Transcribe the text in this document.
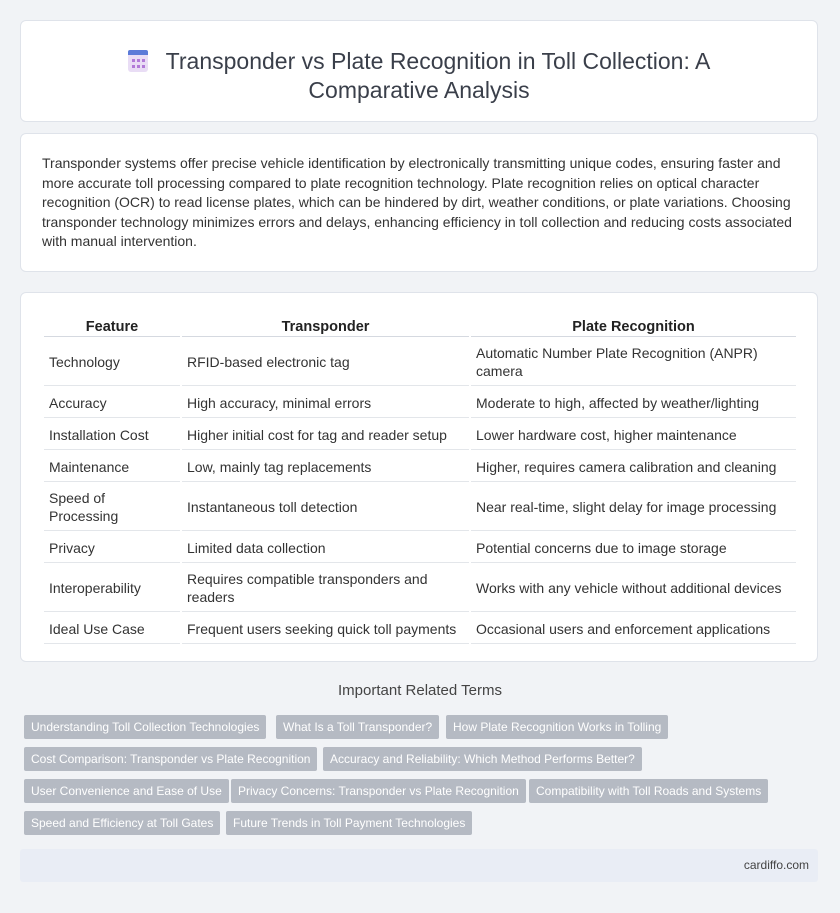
Transponder vs Plate Recognition in Toll Collection: A
Comparative Analysis
Transponder systems offer precise vehicle identification by electronically transmitting unique codes, ensuring faster and more accurate toll processing compared to plate recognition technology. Plate recognition relies on optical character recognition (OCR) to read license plates, which can be hindered by dirt, weather conditions, or plate variations. Choosing transponder technology minimizes errors and delays, enhancing efficiency in toll collection and reducing costs associated with manual intervention.
Feature	Transponder	Plate Recognition
Technology	RFID-based electronic tag	Automatic Number Plate Recognition (ANPR) camera
Accuracy	High accuracy, minimal errors	Moderate to high, affected by weather/lighting
Installation Cost	Higher initial cost for tag and reader setup	Lower hardware cost, higher maintenance
Maintenance	Low, mainly tag replacements	Higher, requires camera calibration and cleaning
Speed of Processing	Instantaneous toll detection	Near real-time, slight delay for image processing
Privacy	Limited data collection	Potential concerns due to image storage
Interoperability	Requires compatible transponders and readers	Works with any vehicle without additional devices
Ideal Use Case	Frequent users seeking quick toll payments	Occasional users and enforcement applications
Important Related Terms
Understanding Toll Collection Technologies	What Is a Toll Transponder?	How Plate Recognition Works in Tolling
Cost Comparison: Transponder vs Plate Recognition	Accuracy and Reliability: Which Method Performs Better?
User Convenience and Ease of Use	Privacy Concerns: Transponder vs Plate Recognition	Compatibility with Toll Roads and Systems
Speed and Efficiency at Toll Gates	Future Trends in Toll Payment Technologies
cardiffo.com
